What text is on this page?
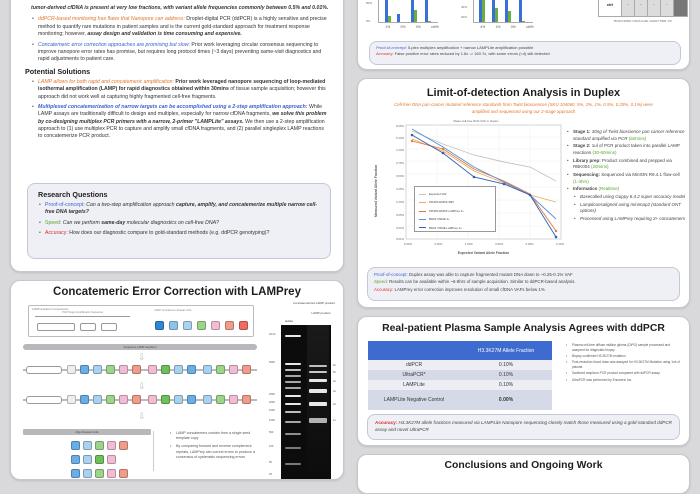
tumor-derived cfDNA is present at very low fractions, with variant allele frequencies commonly between 0.5% and 0.01%.

• ddPCR-based monitoring has flaws that Nanopore can address: Droplet-digital PCR (ddPCR) is a highly sensitive and precise method to quantify rare mutations in patient samples and is the current gold-standard approach for treatment response monitoring; however, assay design and validation is time consuming and expensive.
• Concatemeric error correction approaches are promising but slow: Prior work leveraging circular consensus sequencing to improve nanopore error rates has promise, but requires long protocol times (~3 days) preventing same-visit diagnostics and rapid adjustments to patient care.
Potential Solutions
• LAMP allows for both rapid and concatemeric amplification: Prior work leveraged nanopore sequencing of loop-mediated isothermal amplification (LAMP) for rapid diagnostics obtained within 30mins of tissue sample acquisition; however this approach did not work well at capturing highly fragmented cell-free fragments.
• Multiplexed concatemerization of narrow targets can be accomplished using a 2-step amplification approach: While LAMP assays are traditionally difficult to design and multiplex, especially for narrow cfDNA fragments, we solve this problem by co-designing multiplex PCR primers with a narrow, 2-primer "LAMPLite" assays. We then use a 2-step amplification approach to (1) use multiplex PCR to capture and amplify small cfDNA fragments, and (2) parallel singleplex LAMP reactions to concatemerize PCR product.
Research Questions
• Proof-of-concept: Can a two-step amplification approach capture, amplify, and concatemerize multiple narrow cell-free DNA targets?
• Speed: Can we perform same-day molecular diagnostics on cell-free DNA?
• Accuracy: How does our diagnostic compare to gold-standard methods (e.g. ddPCR genotyping)?
Concatemeric Error Correction with LAMPrey
LAMP Amplicon Components
PCR Target Amplification Sequence
LAMP Concatemer Repeat Units
Sequence LAMP amplicon
⇩
⇩
⇩
Align Repeat Units	• LAMP concatemers contain from a single seed template copy
• By comparing forward and reverse complement repeats, LAMPrey can correct errors to produce a consensus of systematic sequencing errors
Concatemerized LAMP product
ladder
LAMP product
20 kb
5000
2500
2000
1500
1000
500
100
50
25
6x
5x
4x
3x
2x
1x
50%
0%
1%	0%	0%	ctrl%
40%
20%
4%	1%	0%	ctrl%
ctrl	+	+	+	+
PIK3CA E545K / KRAS G12D / EGFR T790M "ctrl"
Proof-of-concept: 5-plex multiplex amplification + narrow LAMPLite amplification possible
Accuracy: False positive error rates reduced by 1.8x -> 160.7x, with some errors (<4) still detected
Limit-of-detection Analysis in Duplex
Cell-free DNA pan-cancer mutated reference standards from Twist biosciences (SKU 104060, 5%, 2%, 1%, 0.5%, 0.25%, 0.1%) were amplified and sequenced using our 2-stage approach
Mean cell-free DNA VAF in duplex
Measured Variant Allele Fraction
8.25%
5.10%
1.00%
0.75%
0.50%
0.25%
0.10%
0.05%
0.02%
0.01%
5.00%	2.00%	1.00%	0.50%	0.25%	0.10%
Expected Variant Allele Fraction
Expected VAF
PIK3PA E545K SBX
PIK3PA E545K LAMPrey 3+
BRAF V600E 3+
BRAF V600E LAMPrey 3+
• Stage 1: 30ng of Twist bioscience pan cancer reference standard amplified via PCR (60mins)
• Stage 2: 1ul of PCR product taken into parallel LAMP reactions (30-60mins)
• Library prep: Product combined and prepped via RBK004 (20mins)
• Sequencing: Sequenced via MinION R9.4.1 flow-cell (1-4hrs)
• Informatics (Realtime)
• Basecalled using Guppy 6.4.2 super accuracy model
• Lampliconsaligned using minimap2 (standard ONT options)
• Processed using LAMPrey requiring 3+ concatemers
Proof-of-concept: Duplex assay was able to capture fragmented mutant DNA down to ~0.25-0.1% VAF
Speed: Results can be available within ~6-8hrs of sample acquisition. Similar to ddPCR-based analysis.
Accuracy: LAMPrey error correction improves resolution of small cfDNA VAFs below 1%
Real-patient Plasma Sample Analysis Agrees with ddPCR
	H3.3K27M Allele Fraction
ddPCR	0.10%
UltraPCR*	0.10%
LAMPLite	0.10%
LAMPLite Negative Control	0.00%
• Plasma cell-free diffuse midline glioma (DIPG) sample processed and analyzed for diagnostic biopsy
• Biopsy confirmed H3.3K27M mutation
• Post-resection blood draw was assayed for H3.3K27M Mutation using 1ml of plasma
• Sanitized amplicon PCR product compared with ddPCR assay
• UltraPCR was performed by Enumerix Inc.
Accuracy: H3.3K27M allele fractions measured via LAMPLite Nanopore sequencing closely match those measured using a gold-standard ddPCR assay and novel UltraPCR
Conclusions and Ongoing Work
